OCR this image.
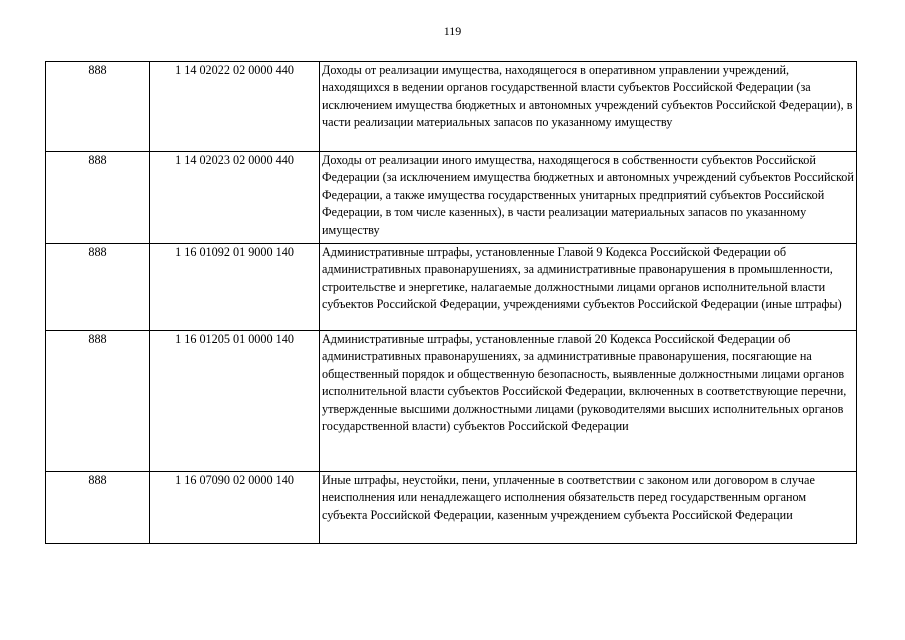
119
888	1 14 02022 02 0000 440	Доходы от реализации имущества, находящегося в оперативном управлении учреждений, находящихся в ведении органов государственной власти субъектов Российской Федерации (за исключением имущества бюджетных и автономных учреждений субъектов Российской Федерации), в части реализации материальных запасов по указанному имуществу
888	1 14 02023 02 0000 440	Доходы от реализации иного имущества, находящегося в собственности субъектов Российской Федерации (за исключением имущества бюджетных и автономных учреждений субъектов Российской Федерации, а также имущества государственных унитарных предприятий субъектов Российской Федерации, в том числе казенных), в части реализации материальных запасов по указанному имуществу
888	1 16 01092 01 9000 140	Административные штрафы, установленные Главой 9 Кодекса Российской Федерации об административных правонарушениях, за административные правонарушения в промышленности, строительстве и энергетике, налагаемые должностными лицами органов исполнительной власти субъектов Российской Федерации, учреждениями субъектов Российской Федерации (иные штрафы)
888	1 16 01205 01 0000 140	Административные штрафы, установленные главой 20 Кодекса Российской Федерации об административных правонарушениях, за административные правонарушения, посягающие на общественный порядок и общественную безопасность, выявленные должностными лицами органов исполнительной власти субъектов Российской Федерации, включенных в соответствующие перечни, утвержденные высшими должностными лицами (руководителями высших исполнительных органов государственной власти) субъектов Российской Федерации
888	1 16 07090 02 0000 140	Иные штрафы, неустойки, пени, уплаченные в соответствии с законом или договором в случае неисполнения или ненадлежащего исполнения обязательств перед государственным органом субъекта Российской Федерации, казенным учреждением субъекта Российской Федерации
